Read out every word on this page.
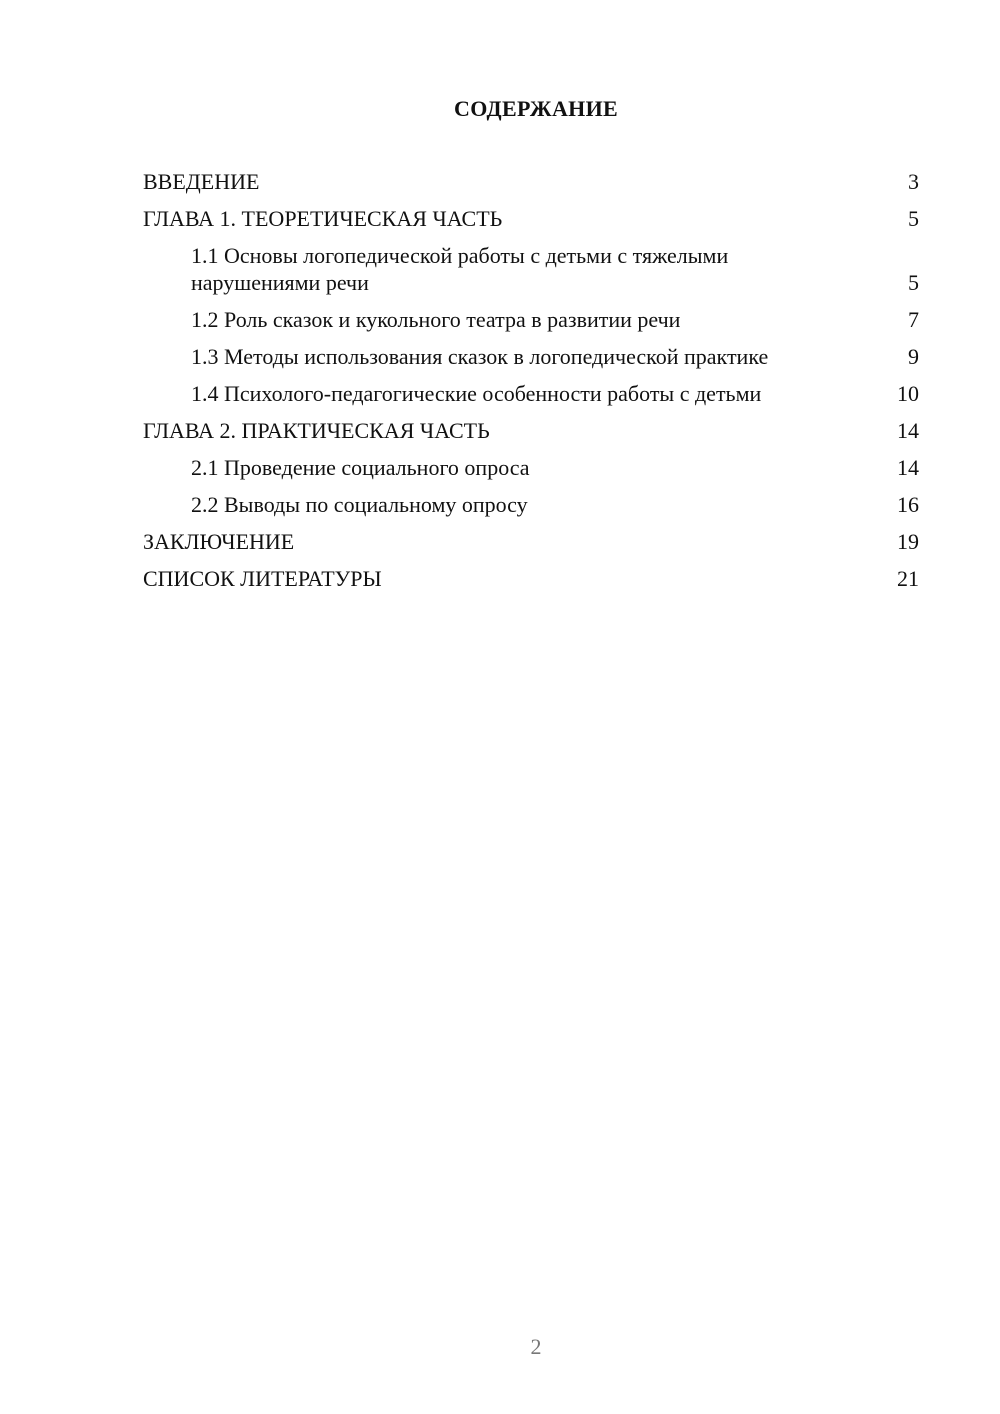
СОДЕРЖАНИЕ
ВВЕДЕНИЕ	3
ГЛАВА 1. ТЕОРЕТИЧЕСКАЯ ЧАСТЬ	5
1.1 Основы логопедической работы с детьми с тяжелыми нарушениями речи	5
1.2 Роль сказок и кукольного театра в развитии речи	7
1.3 Методы использования сказок в логопедической практике	9
1.4 Психолого-педагогические особенности работы с детьми	10
ГЛАВА 2. ПРАКТИЧЕСКАЯ ЧАСТЬ	14
2.1 Проведение социального опроса	14
2.2 Выводы по социальному опросу	16
ЗАКЛЮЧЕНИЕ	19
СПИСОК ЛИТЕРАТУРЫ	21
2
